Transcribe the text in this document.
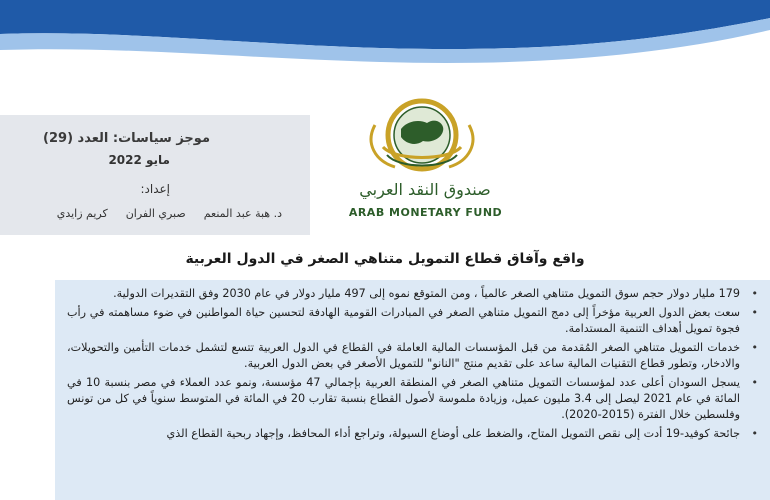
موجز سياسات: العدد (29)
مايو 2022
إعداد:
د. هبة عبد المنعم
صبري الفران
كريم زايدي
صندوق النقد العربي
ARAB MONETARY FUND
واقع وآفاق قطاع التمويل متناهي الصغر في الدول العربية
•
179 مليار دولار حجم سوق التمويل متناهي الصغر عالمياً ، ومن المتوقع نموه إلى 497 مليار دولار في عام 2030 وفق التقديرات الدولية.
•
سعت بعض الدول العربية مؤخراً إلى دمج التمويل متناهي الصغر في المبادرات القومية الهادفة لتحسين حياة المواطنين في ضوء مساهمته في رأب فجوة تمويل أهداف التنمية المستدامة.
•
خدمات التمويل متناهي الصغر المُقدمة من قبل المؤسسات المالية العاملة في القطاع في الدول العربية تتسع لتشمل خدمات التأمين والتحويلات، والادخار، وتطور قطاع التقنيات المالية ساعد على تقديم منتج "النانو" للتمويل الأصغر في بعض الدول العربية.
•
يسجل السودان أعلى عدد لمؤسسات التمويل متناهي الصغر في المنطقة العربية بإجمالي 47 مؤسسة، ونمو عدد العملاء في مصر بنسبة 10 في المائة في عام 2021 ليصل إلى 3.4 مليون عميل، وزيادة ملموسة لأصول القطاع بنسبة تقارب 20 في المائة في المتوسط سنوياً في كل من تونس وفلسطين خلال الفترة (2015-2020).
•
جائحة كوفيد-19 أدت إلى نقص التمويل المتاح، والضغط على أوضاع السيولة، وتراجع أداء المحافظ، وإجهاد ربحية القطاع الذي
